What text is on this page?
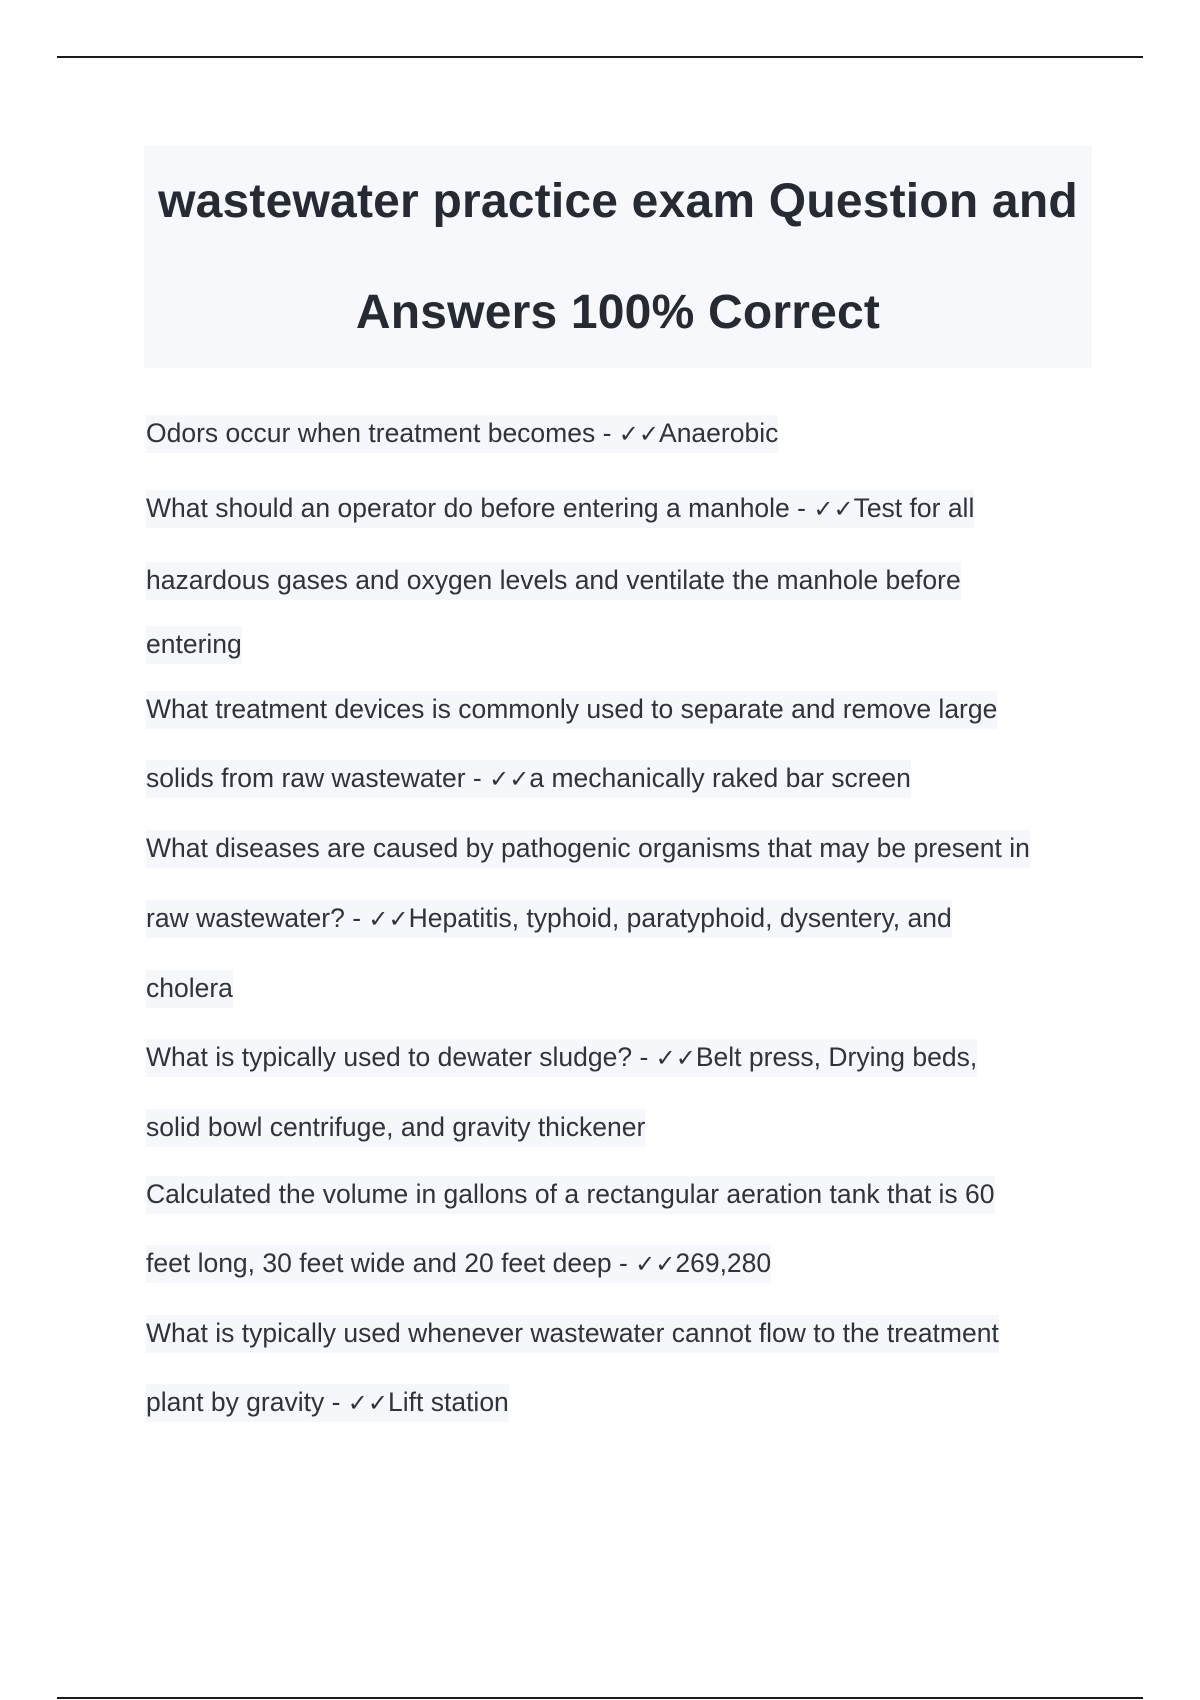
wastewater practice exam Question and
Answers 100% Correct
Odors occur when treatment becomes - ✓✓Anaerobic
What should an operator do before entering a manhole - ✓✓Test for all
hazardous gases and oxygen levels and ventilate the manhole before
entering
What treatment devices is commonly used to separate and remove large
solids from raw wastewater - ✓✓a mechanically raked bar screen
What diseases are caused by pathogenic organisms that may be present in
raw wastewater? - ✓✓Hepatitis, typhoid, paratyphoid, dysentery, and
cholera
What is typically used to dewater sludge? - ✓✓Belt press, Drying beds,
solid bowl centrifuge, and gravity thickener
Calculated the volume in gallons of a rectangular aeration tank that is 60
feet long, 30 feet wide and 20 feet deep - ✓✓269,280
What is typically used whenever wastewater cannot flow to the treatment
plant by gravity - ✓✓Lift station
